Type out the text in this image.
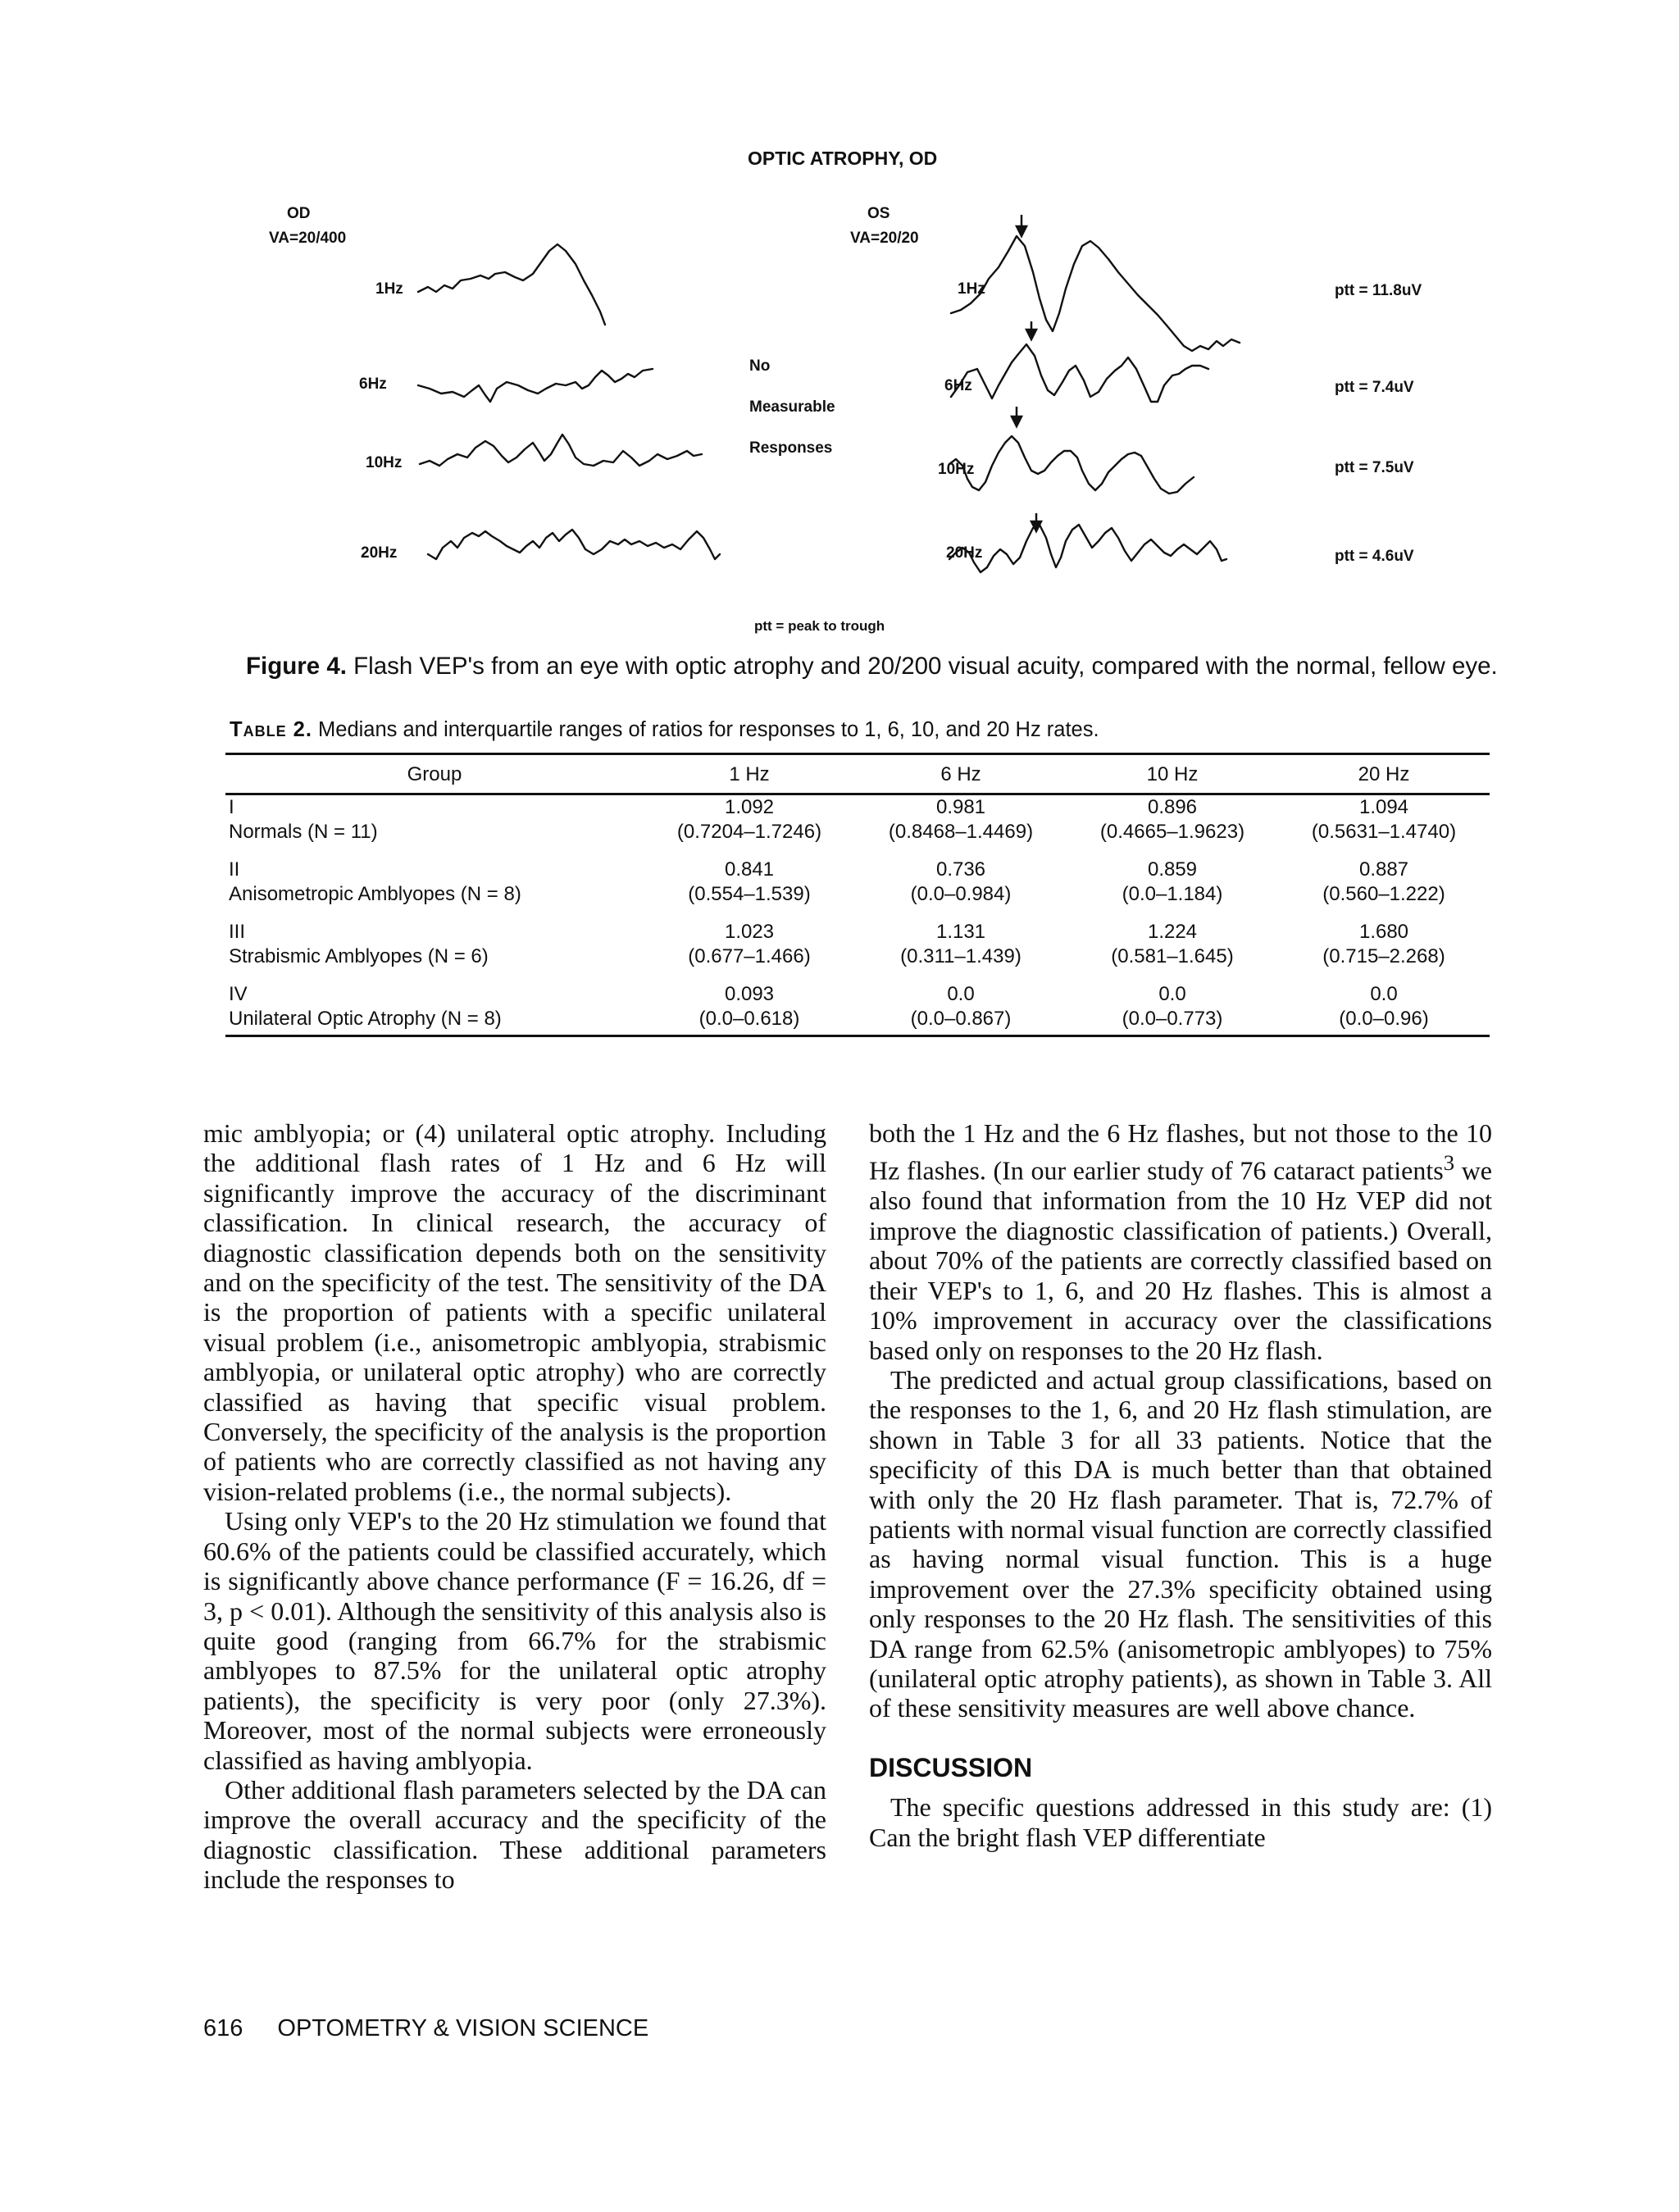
OPTIC ATROPHY, OD
OD
VA=20/400
OS
VA=20/20
1Hz
6Hz
10Hz
20Hz
No
Measurable
Responses
1Hz
6Hz
10Hz
20Hz
ptt = 11.8uV
ptt = 7.4uV
ptt = 7.5uV
ptt = 4.6uV
ptt = peak to trough
Figure 4. Flash VEP's from an eye with optic atrophy and 20/200 visual acuity, compared with the normal, fellow eye.
Table 2. Medians and interquartile ranges of ratios for responses to 1, 6, 10, and 20 Hz rates.
Group	1 Hz	6 Hz	10 Hz	20 Hz
I	1.092	0.981	0.896	1.094
Normals (N = 11)	(0.7204–1.7246)	(0.8468–1.4469)	(0.4665–1.9623)	(0.5631–1.4740)
II	0.841	0.736	0.859	0.887
Anisometropic Amblyopes (N = 8)	(0.554–1.539)	(0.0–0.984)	(0.0–1.184)	(0.560–1.222)
III	1.023	1.131	1.224	1.680
Strabismic Amblyopes (N = 6)	(0.677–1.466)	(0.311–1.439)	(0.581–1.645)	(0.715–2.268)
IV	0.093	0.0	0.0	0.0
Unilateral Optic Atrophy (N = 8)	(0.0–0.618)	(0.0–0.867)	(0.0–0.773)	(0.0–0.96)

mic amblyopia; or (4) unilateral optic atrophy. Including the additional flash rates of 1 Hz and 6 Hz will significantly improve the accuracy of the discriminant classification. In clinical research, the accuracy of diagnostic classification depends both on the sensitivity and on the specificity of the test. The sensitivity of the DA is the proportion of patients with a specific unilateral visual problem (i.e., anisometropic amblyopia, strabismic amblyopia, or unilateral optic atrophy) who are correctly classified as having that specific visual problem. Conversely, the specificity of the analysis is the proportion of patients who are correctly classified as not having any vision-related problems (i.e., the normal subjects).

Using only VEP's to the 20 Hz stimulation we found that 60.6% of the patients could be classified accurately, which is significantly above chance performance (F = 16.26, df = 3, p < 0.01). Although the sensitivity of this analysis also is quite good (ranging from 66.7% for the strabismic amblyopes to 87.5% for the unilateral optic atrophy patients), the specificity is very poor (only 27.3%). Moreover, most of the normal subjects were erroneously classified as having amblyopia.

Other additional flash parameters selected by the DA can improve the overall accuracy and the specificity of the diagnostic classification. These additional parameters include the responses to

both the 1 Hz and the 6 Hz flashes, but not those to the 10 Hz flashes. (In our earlier study of 76 cataract patients$^3$ we also found that information from the 10 Hz VEP did not improve the diagnostic classification of patients.) Overall, about 70% of the patients are correctly classified based on their VEP's to 1, 6, and 20 Hz flashes. This is almost a 10% improvement in accuracy over the classifications based only on responses to the 20 Hz flash.

The predicted and actual group classifications, based on the responses to the 1, 6, and 20 Hz flash stimulation, are shown in Table 3 for all 33 patients. Notice that the specificity of this DA is much better than that obtained with only the 20 Hz flash parameter. That is, 72.7% of patients with normal visual function are correctly classified as having normal visual function. This is a huge improvement over the 27.3% specificity obtained using only responses to the 20 Hz flash. The sensitivities of this DA range from 62.5% (anisometropic amblyopes) to 75% (unilateral optic atrophy patients), as shown in Table 3. All of these sensitivity measures are well above chance.

DISCUSSION

The specific questions addressed in this study are: (1) Can the bright flash VEP differentiate

616 OPTOMETRY & VISION SCIENCE
